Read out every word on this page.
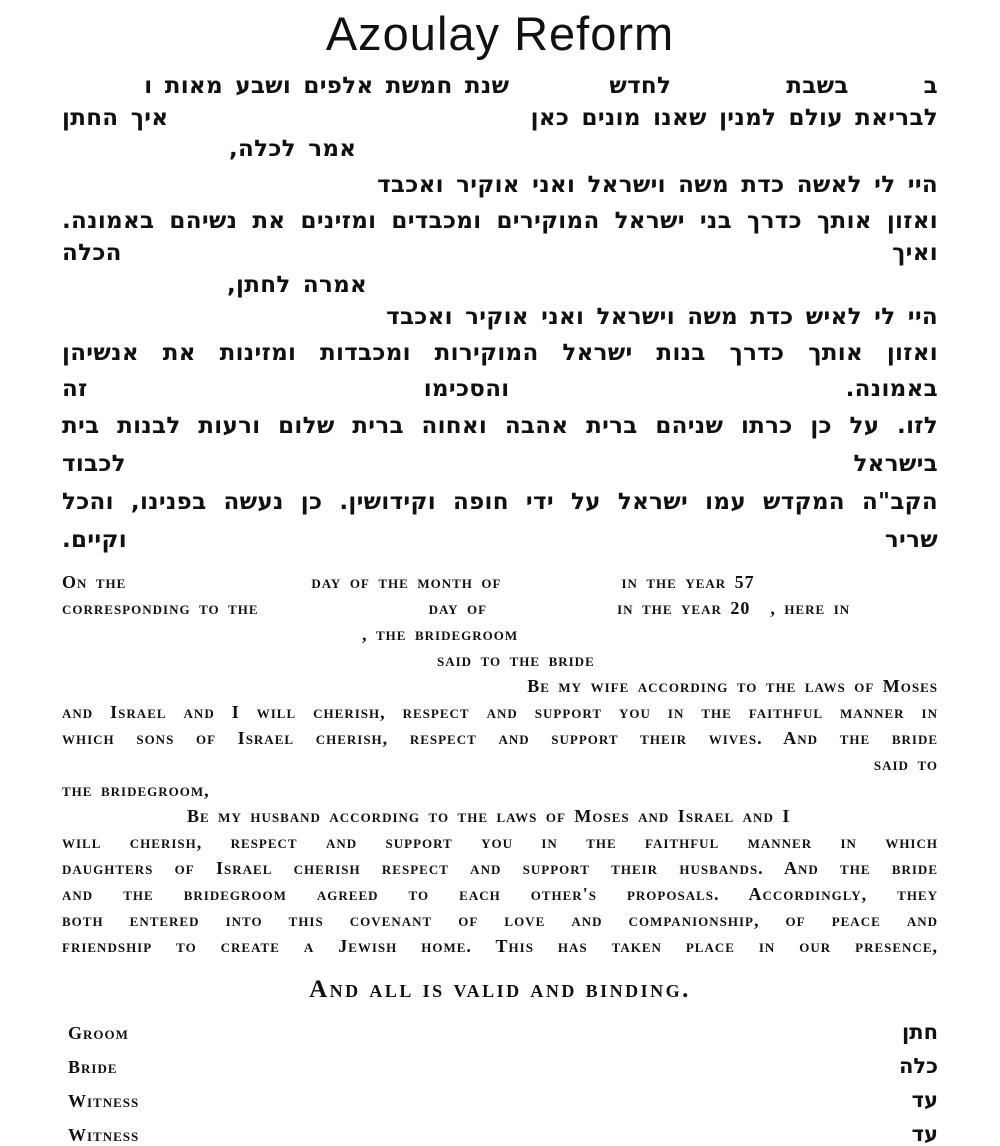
Azoulay Reform
ב
בשבת
לחדש
שנת חמשת אלפים ושבע מאות ו
לבריאת עולם למנין שאנו מונים כאן
איך החתן
אמר לכלה,
היי לי לאשה כדת משה וישראל ואני אוקיר ואכבד
ואזון אותך כדרך בני ישראל המוקירים ומכבדים ומזינים את נשיהם באמונה. ואיך הכלה
אמרה לחתן,
היי לי לאיש כדת משה וישראל ואני אוקיר ואכבד
ואזון אותך כדרך בנות ישראל המוקירות ומכבדות ומזינות את אנשיהן באמונה. והסכימו זה
לזו. על כן כרתו שניהם ברית אהבה ואחוה ברית שלום ורעות לבנות בית בישראל לכבוד
הקב"ה המקדש עמו ישראל על ידי חופה וקידושין. כן נעשה בפנינו, והכל שריר וקיים.
On the	day of the month of	in the year 57
corresponding to the	day of	in the year 20 , here in
, the bridegroom
said to the bride
Be my wife according to the laws of Moses
and Israel and I will cherish, respect and support you in the faithful manner in
which sons of Israel cherish, respect and support their wives. And the bride
said to
the bridegroom,
Be my husband according to the laws of Moses and Israel and I
will cherish, respect and support you in the faithful manner in which
daughters of Israel cherish respect and support their husbands. And the bride
and the bridegroom agreed to each other's proposals. Accordingly, they
both entered into this covenant of love and companionship, of peace and
friendship to create a Jewish home. This has taken place in our presence,
And all is valid and binding.
Groom	חתן
Bride	כלה
Witness	עד
Witness	עד
